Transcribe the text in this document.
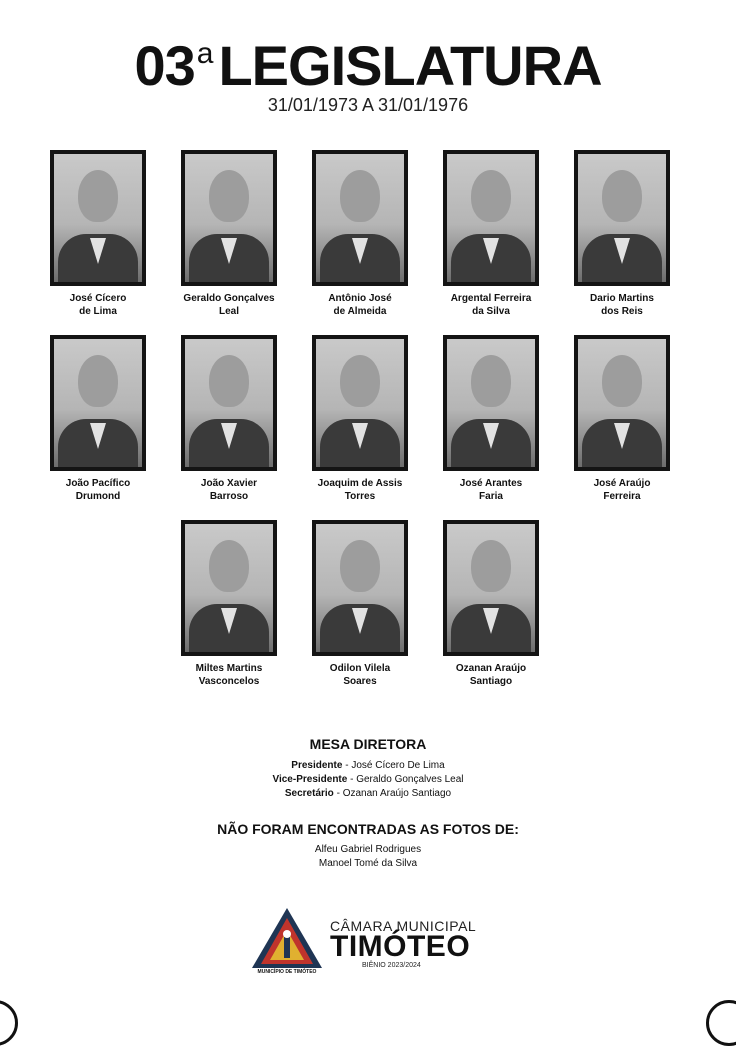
03$^a$ LEGISLATURA
31/01/1973 A 31/01/1976
José Cícero
de Lima
Geraldo Gonçalves
Leal
Antônio José
de Almeida
Argental Ferreira
da Silva
Dario Martins
dos Reis
João Pacífico
Drumond
João Xavier
Barroso
Joaquim de Assis
Torres
José Arantes
Faria
José Araújo
Ferreira
Miltes Martins
Vasconcelos
Odilon Vilela
Soares
Ozanan Araújo
Santiago
MESA DIRETORA
Presidente - José Cícero De Lima
Vice-Presidente - Geraldo Gonçalves Leal
Secretário - Ozanan Araújo Santiago
NÃO FORAM ENCONTRADAS AS FOTOS DE:
Alfeu Gabriel Rodrigues
Manoel Tomé da Silva
MUNICÍPIO DE TIMÓTEO
CÂMARA MUNICIPAL
TIMÓTEO
BIÊNIO 2023/2024
